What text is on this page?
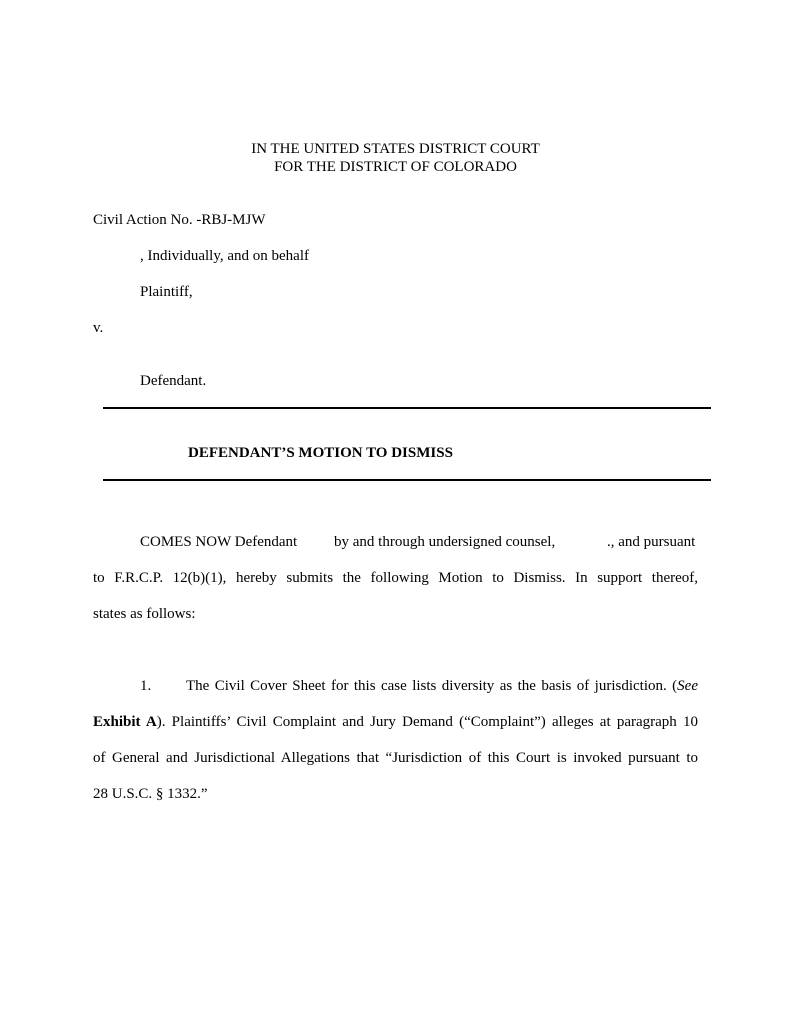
IN THE UNITED STATES DISTRICT COURT
FOR THE DISTRICT OF COLORADO
Civil Action No. -RBJ-MJW
, Individually, and on behalf
Plaintiff,
v.
Defendant.
DEFENDANT’S MOTION TO DISMISS
COMES NOW Defendant by and through undersigned counsel,	., and pursuant
to F.R.C.P. 12(b)(1), hereby submits the following Motion to Dismiss. In support thereof,
states as follows:
1. The Civil Cover Sheet for this case lists diversity as the basis of jurisdiction. (See
Exhibit A). Plaintiffs’ Civil Complaint and Jury Demand (“Complaint”) alleges at paragraph 10
of General and Jurisdictional Allegations that “Jurisdiction of this Court is invoked pursuant to
28 U.S.C. § 1332.”
